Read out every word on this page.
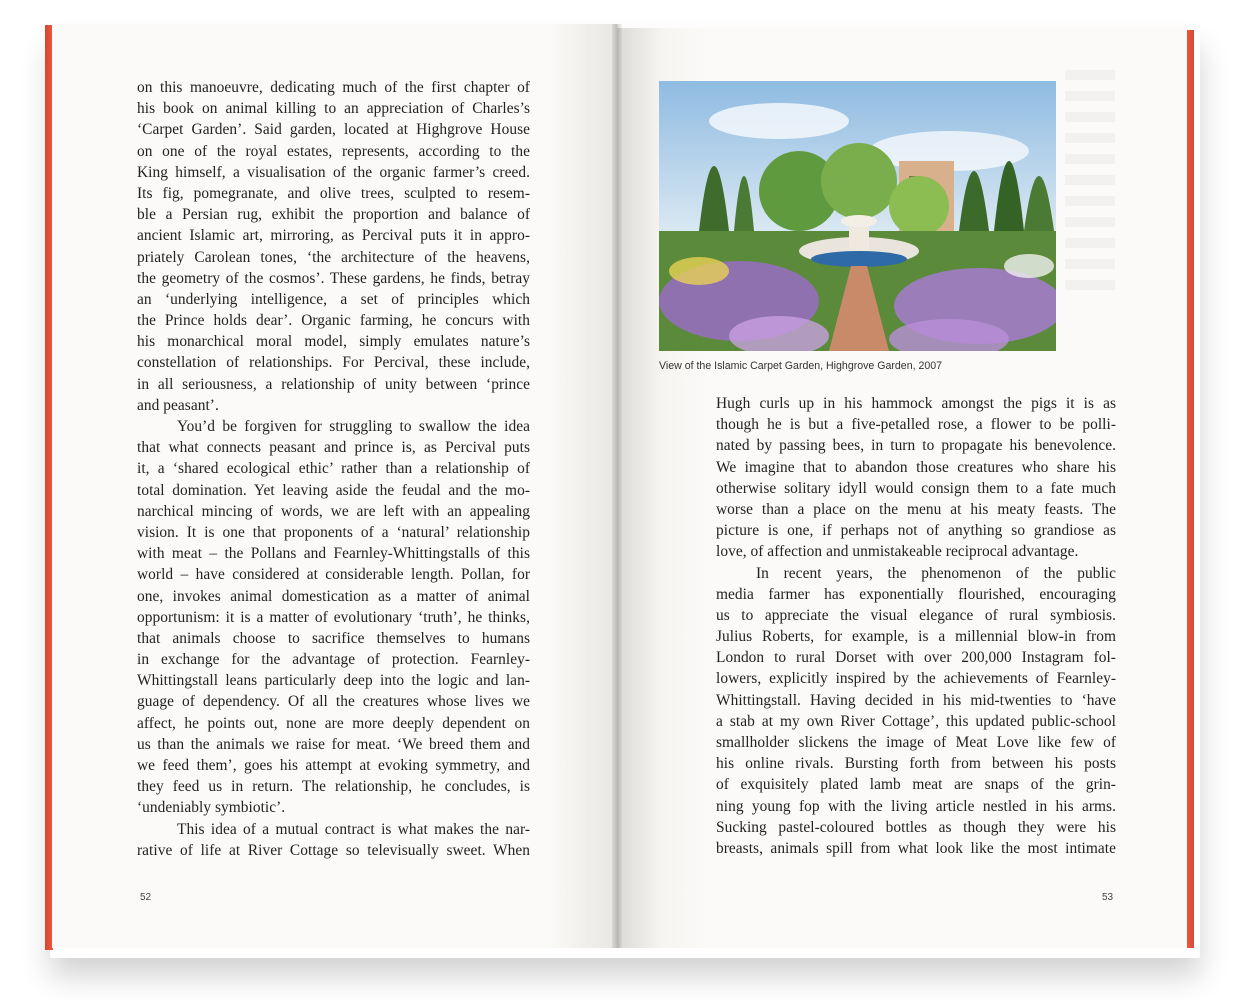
on this manoeuvre, dedicating much of the first chapter of
his book on animal killing to an appreciation of Charles’s
‘Carpet Garden’. Said garden, located at Highgrove House
on one of the royal estates, represents, according to the
King himself, a visualisation of the organic farmer’s creed.
Its fig, pomegranate, and olive trees, sculpted to resem-
ble a Persian rug, exhibit the proportion and balance of
ancient Islamic art, mirroring, as Percival puts it in appro-
priately Carolean tones, ‘the architecture of the heavens,
the geometry of the cosmos’. These gardens, he finds, betray
an ‘underlying intelligence, a set of principles which
the Prince holds dear’. Organic farming, he concurs with
his monarchical moral model, simply emulates nature’s
constellation of relationships. For Percival, these include,
in all seriousness, a relationship of unity between ‘prince
and peasant’.
You’d be forgiven for struggling to swallow the idea
that what connects peasant and prince is, as Percival puts
it, a ‘shared ecological ethic’ rather than a relationship of
total domination. Yet leaving aside the feudal and the mo-
narchical mincing of words, we are left with an appealing
vision. It is one that proponents of a ‘natural’ relationship
with meat – the Pollans and Fearnley-Whittingstalls of this
world – have considered at considerable length. Pollan, for
one, invokes animal domestication as a matter of animal
opportunism: it is a matter of evolutionary ‘truth’, he thinks,
that animals choose to sacrifice themselves to humans
in exchange for the advantage of protection. Fearnley-
Whittingstall leans particularly deep into the logic and lan-
guage of dependency. Of all the creatures whose lives we
affect, he points out, none are more deeply dependent on
us than the animals we raise for meat. ‘We breed them and
we feed them’, goes his attempt at evoking symmetry, and
they feed us in return. The relationship, he concludes, is
‘undeniably symbiotic’.
This idea of a mutual contract is what makes the nar-
rative of life at River Cottage so televisually sweet. When

52

View of the Islamic Carpet Garden, Highgrove Garden, 2007

Hugh curls up in his hammock amongst the pigs it is as
though he is but a five-petalled rose, a flower to be polli-
nated by passing bees, in turn to propagate his benevolence.
We imagine that to abandon those creatures who share his
otherwise solitary idyll would consign them to a fate much
worse than a place on the menu at his meaty feasts. The
picture is one, if perhaps not of anything so grandiose as
love, of affection and unmistakeable reciprocal advantage.
In recent years, the phenomenon of the public
media farmer has exponentially flourished, encouraging
us to appreciate the visual elegance of rural symbiosis.
Julius Roberts, for example, is a millennial blow-in from
London to rural Dorset with over 200,000 Instagram fol-
lowers, explicitly inspired by the achievements of Fearnley-
Whittingstall. Having decided in his mid-twenties to ‘have
a stab at my own River Cottage’, this updated public-school
smallholder slickens the image of Meat Love like few of
his online rivals. Bursting forth from between his posts
of exquisitely plated lamb meat are snaps of the grin-
ning young fop with the living article nestled in his arms.
Sucking pastel-coloured bottles as though they were his
breasts, animals spill from what look like the most intimate

53
